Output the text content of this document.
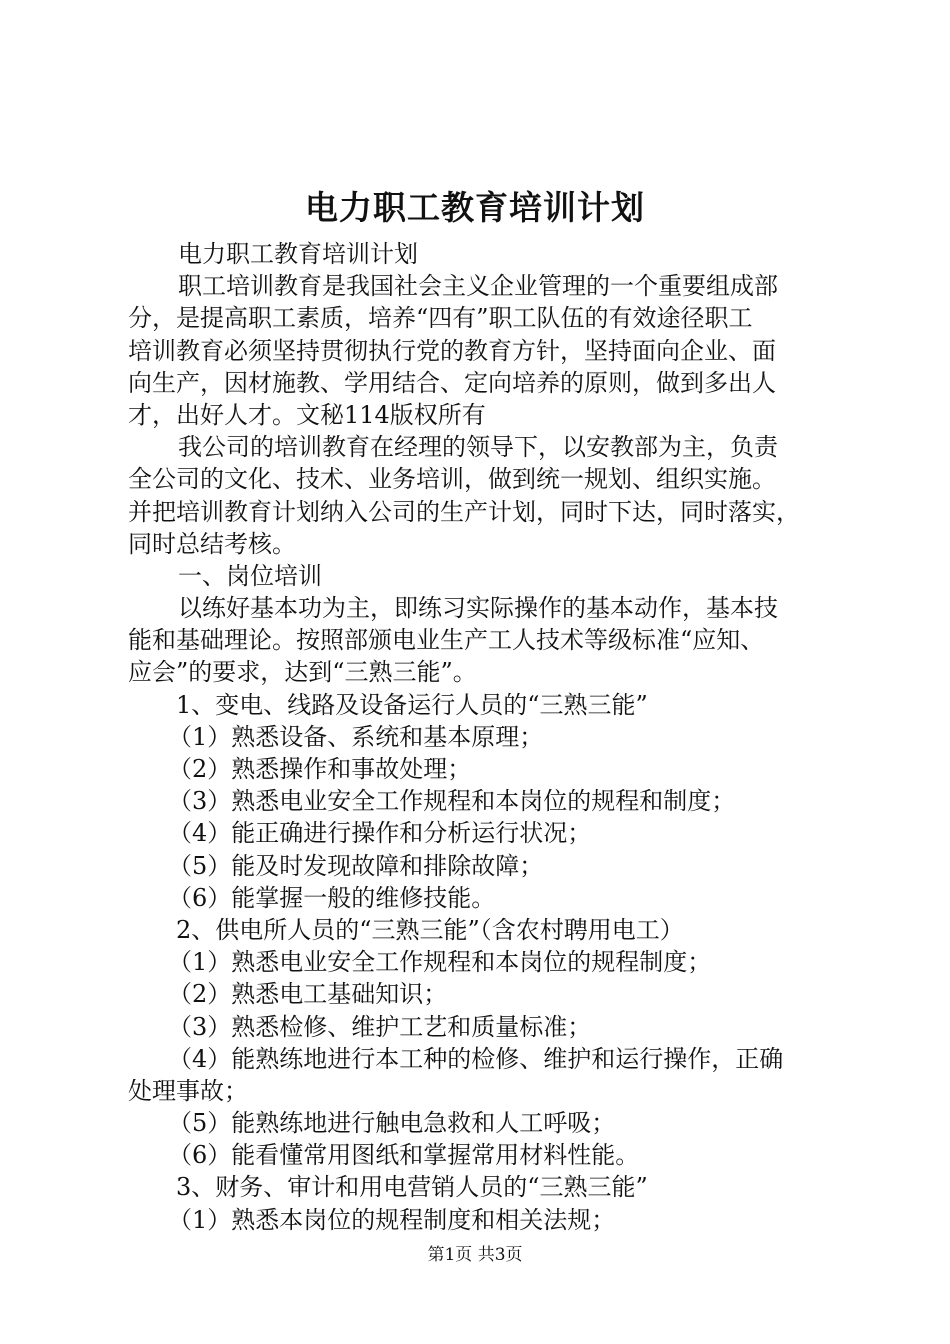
电力职工教育培训计划
电力职工教育培训计划
职工培训教育是我国社会主义企业管理的一个重要组成部
分，是提高职工素质，培养“四有”职工队伍的有效途径职工
培训教育必须坚持贯彻执行党的教育方针，坚持面向企业、面
向生产，因材施教、学用结合、定向培养的原则，做到多出人
才，出好人才。文秘114版权所有
我公司的培训教育在经理的领导下，以安教部为主，负责
全公司的文化、技术、业务培训，做到统一规划、组织实施。
并把培训教育计划纳入公司的生产计划，同时下达，同时落实，
同时总结考核。
一、岗位培训
以练好基本功为主，即练习实际操作的基本动作，基本技
能和基础理论。按照部颁电业生产工人技术等级标准“应知、
应会”的要求，达到“三熟三能”。
1、变电、线路及设备运行人员的“三熟三能”
（1）熟悉设备、系统和基本原理；
（2）熟悉操作和事故处理；
（3）熟悉电业安全工作规程和本岗位的规程和制度；
（4）能正确进行操作和分析运行状况；
（5）能及时发现故障和排除故障；
（6）能掌握一般的维修技能。
2、供电所人员的“三熟三能”（含农村聘用电工）
（1）熟悉电业安全工作规程和本岗位的规程制度；
（2）熟悉电工基础知识；
（3）熟悉检修、维护工艺和质量标准；
（4）能熟练地进行本工种的检修、维护和运行操作，正确
处理事故；
（5）能熟练地进行触电急救和人工呼吸；
（6）能看懂常用图纸和掌握常用材料性能。
3、财务、审计和用电营销人员的“三熟三能”
（1）熟悉本岗位的规程制度和相关法规；
第1页 共3页
